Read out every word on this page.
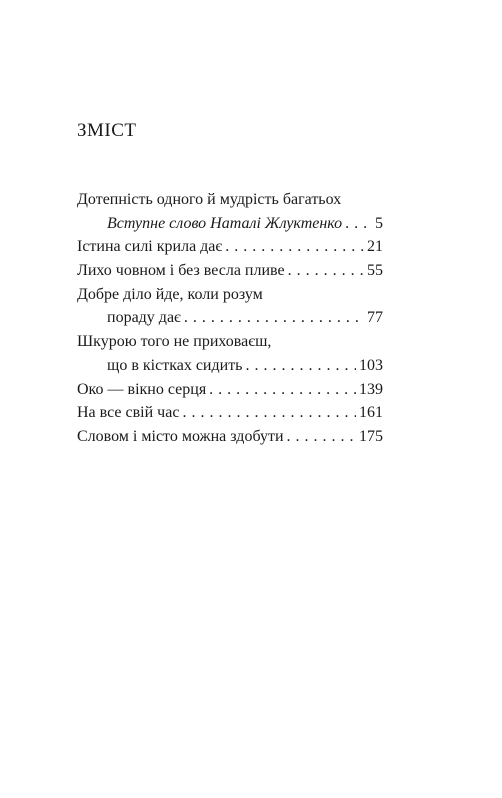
ЗМІСТ
Дотепність одного й мудрість багатьох
Вступне слово Наталі Жлуктенко . . . 5
Істина силі крила дає . . .	21
Лихо човном і без весла пливе . . .	55
Добре діло йде, коли розум
пораду дає . . .	77
Шкурою того не приховаєш,
що в кістках сидить . . .	103
Око — вікно серця . . .	139
На все свій час . . .	161
Словом і місто можна здобути . . .	175
